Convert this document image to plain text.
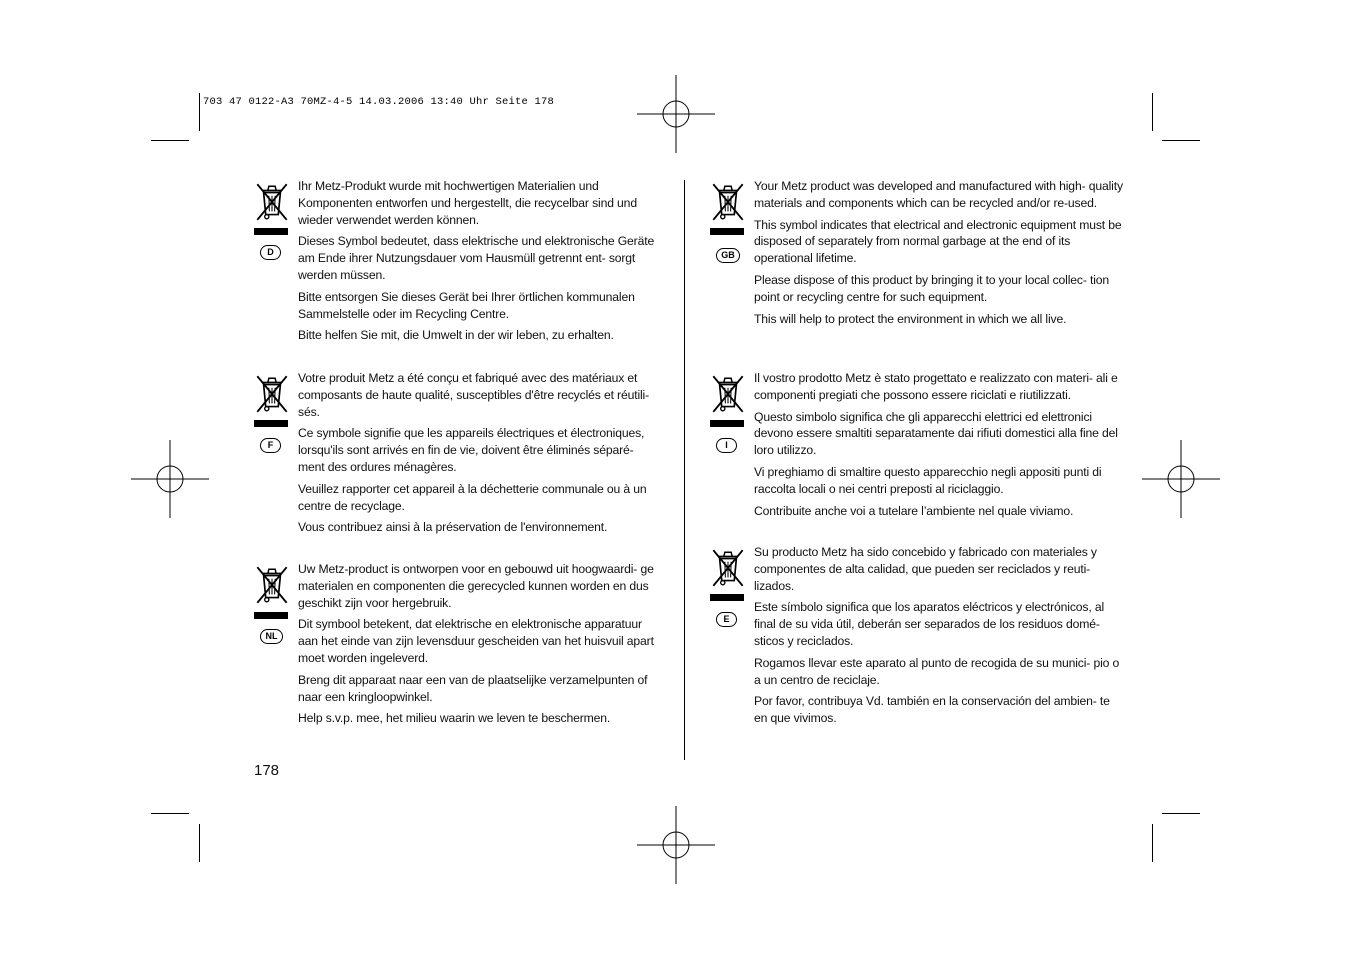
703 47 0122-A3 70MZ-4-5 14.03.2006 13:40 Uhr Seite 178
D

Ihr Metz-Produkt wurde mit hochwertigen Materialien und Komponenten entworfen und hergestellt, die recycelbar sind und wieder verwendet werden können.

Dieses Symbol bedeutet, dass elektrische und elektronische Geräte am Ende ihrer Nutzungsdauer vom Hausmüll getrennt ent- sorgt werden müssen.

Bitte entsorgen Sie dieses Gerät bei Ihrer örtlichen kommunalen Sammelstelle oder im Recycling Centre.

Bitte helfen Sie mit, die Umwelt in der wir leben, zu erhalten.

F

Votre produit Metz a été conçu et fabriqué avec des matériaux et composants de haute qualité, susceptibles d'être recyclés et réutili- sés.

Ce symbole signifie que les appareils électriques et électroniques, lorsqu'ils sont arrivés en fin de vie, doivent être éliminés séparé- ment des ordures ménagères.

Veuillez rapporter cet appareil à la déchetterie communale ou à un centre de recyclage.

Vous contribuez ainsi à la préservation de l'environnement.

NL

Uw Metz-product is ontworpen voor en gebouwd uit hoogwaardi- ge materialen en componenten die gerecycled kunnen worden en dus geschikt zijn voor hergebruik.

Dit symbool betekent, dat elektrische en elektronische apparatuur aan het einde van zijn levensduur gescheiden van het huisvuil apart moet worden ingeleverd.

Breng dit apparaat naar een van de plaatselijke verzamelpunten of naar een kringloopwinkel.

Help s.v.p. mee, het milieu waarin we leven te beschermen.

GB

Your Metz product was developed and manufactured with high- quality materials and components which can be recycled and/or re-used.

This symbol indicates that electrical and electronic equipment must be disposed of separately from normal garbage at the end of its operational lifetime.

Please dispose of this product by bringing it to your local collec- tion point or recycling centre for such equipment.

This will help to protect the environment in which we all live.

I

Il vostro prodotto Metz è stato progettato e realizzato con materi- ali e componenti pregiati che possono essere riciclati e riutilizzati.

Questo simbolo significa che gli apparecchi elettrici ed elettronici devono essere smaltiti separatamente dai rifiuti domestici alla fine del loro utilizzo.

Vi preghiamo di smaltire questo apparecchio negli appositi punti di raccolta locali o nei centri preposti al riciclaggio.

Contribuite anche voi a tutelare l’ambiente nel quale viviamo.

E

Su producto Metz ha sido concebido y fabricado con materiales y componentes de alta calidad, que pueden ser reciclados y reuti- lizados.

Este símbolo significa que los aparatos eléctricos y electrónicos, al final de su vida útil, deberán ser separados de los residuos domé- sticos y reciclados.

Rogamos llevar este aparato al punto de recogida de su munici- pio o a un centro de reciclaje.

Por favor, contribuya Vd. también en la conservación del ambien- te en que vivimos.

178
